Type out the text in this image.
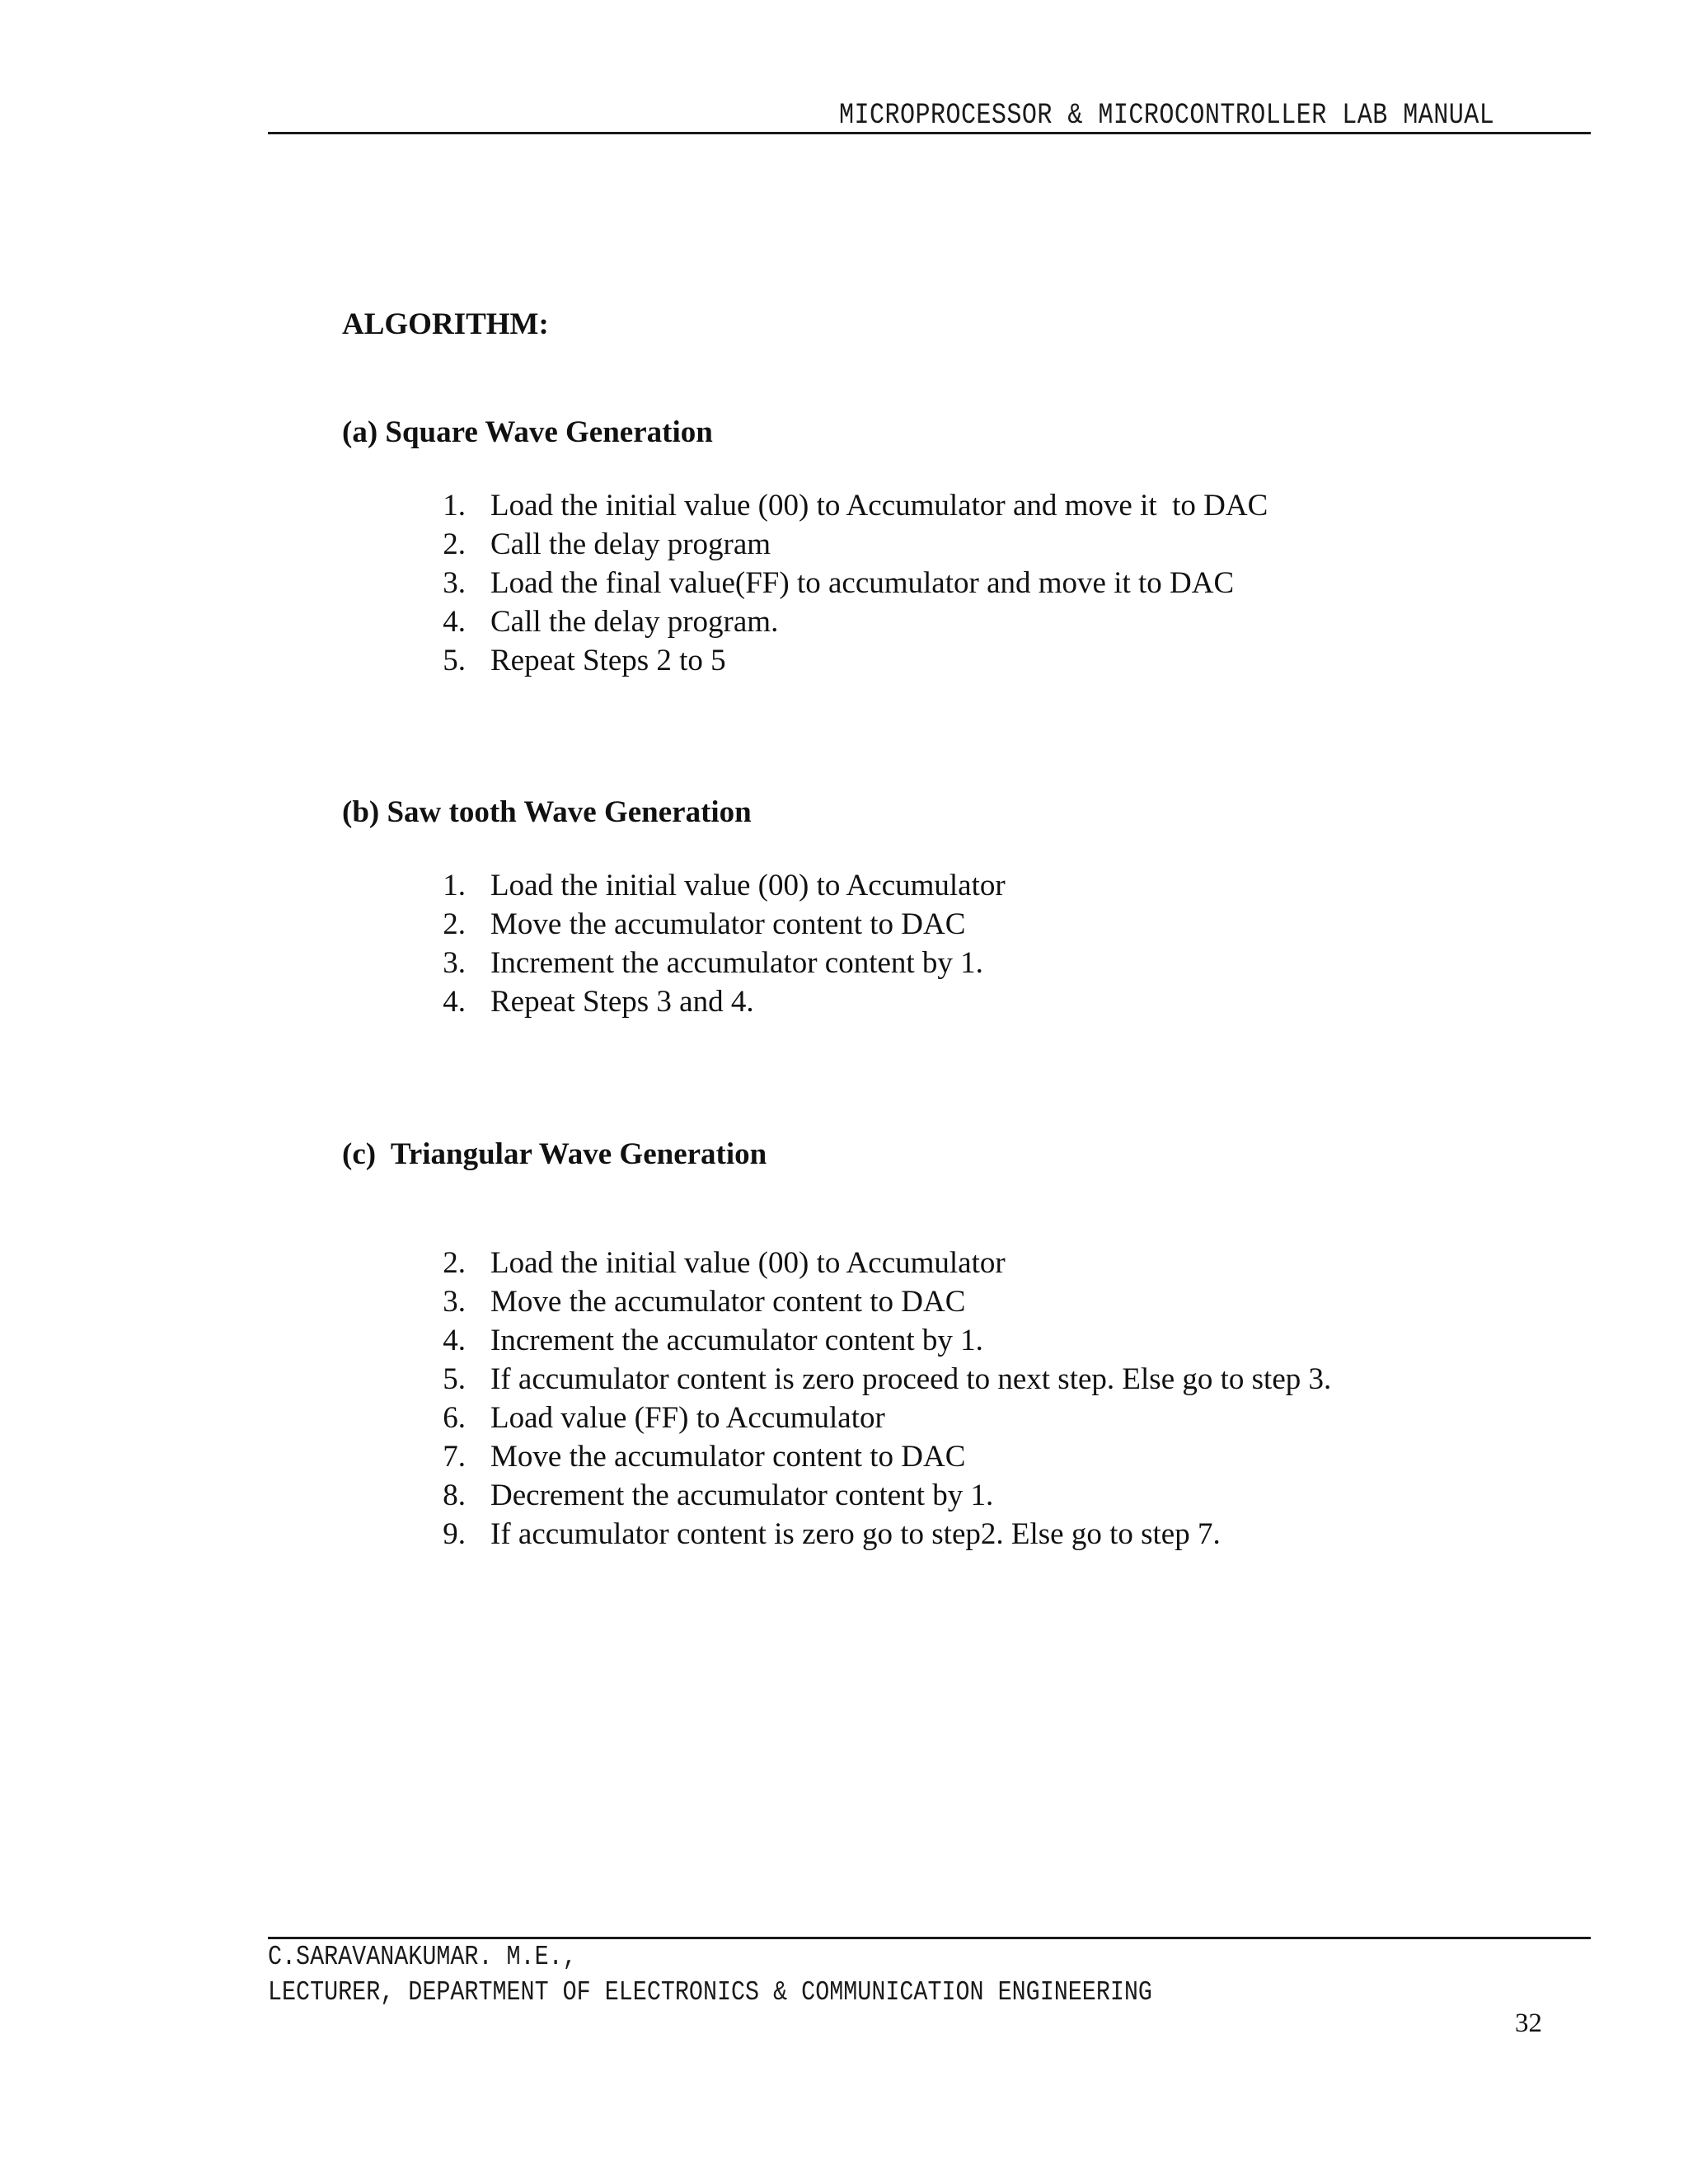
MICROPROCESSOR & MICROCONTROLLER LAB MANUAL
ALGORITHM:
(a) Square Wave Generation
1. Load the initial value (00) to Accumulator and move it  to DAC
2. Call the delay program
3. Load the final value(FF) to accumulator and move it to DAC
4. Call the delay program.
5. Repeat Steps 2 to 5
(b) Saw tooth Wave Generation
1. Load the initial value (00) to Accumulator
2. Move the accumulator content to DAC
3. Increment the accumulator content by 1.
4. Repeat Steps 3 and 4.
(c)  Triangular Wave Generation
2. Load the initial value (00) to Accumulator
3. Move the accumulator content to DAC
4. Increment the accumulator content by 1.
5. If accumulator content is zero proceed to next step. Else go to step 3.
6. Load value (FF) to Accumulator
7. Move the accumulator content to DAC
8. Decrement the accumulator content by 1.
9. If accumulator content is zero go to step2. Else go to step 7.
C.SARAVANAKUMAR. M.E.,
LECTURER, DEPARTMENT OF ELECTRONICS & COMMUNICATION ENGINEERING
32
